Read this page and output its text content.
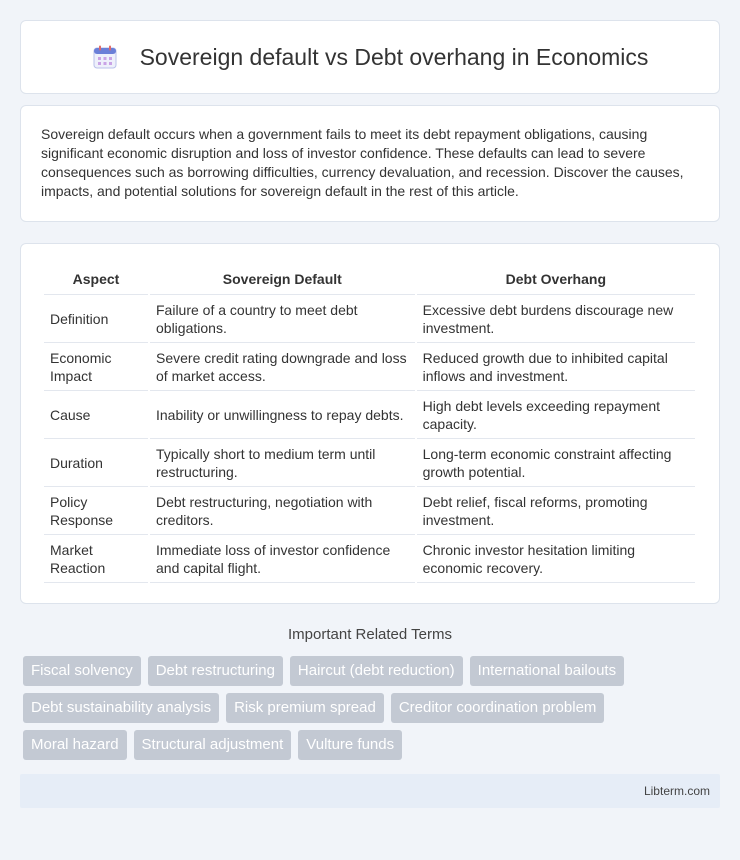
Sovereign default vs Debt overhang in Economics
Sovereign default occurs when a government fails to meet its debt repayment obligations, causing significant economic disruption and loss of investor confidence. These defaults can lead to severe consequences such as borrowing difficulties, currency devaluation, and recession. Discover the causes, impacts, and potential solutions for sovereign default in the rest of this article.
Aspect	Sovereign Default	Debt Overhang
Definition	Failure of a country to meet debt obligations.	Excessive debt burdens discourage new investment.
Economic Impact	Severe credit rating downgrade and loss of market access.	Reduced growth due to inhibited capital inflows and investment.
Cause	Inability or unwillingness to repay debts.	High debt levels exceeding repayment capacity.
Duration	Typically short to medium term until restructuring.	Long-term economic constraint affecting growth potential.
Policy Response	Debt restructuring, negotiation with creditors.	Debt relief, fiscal reforms, promoting investment.
Market Reaction	Immediate loss of investor confidence and capital flight.	Chronic investor hesitation limiting economic recovery.
Important Related Terms
Fiscal solvency	Debt restructuring	Haircut (debt reduction)	International bailouts
Debt sustainability analysis	Risk premium spread	Creditor coordination problem
Moral hazard	Structural adjustment	Vulture funds
Libterm.com
